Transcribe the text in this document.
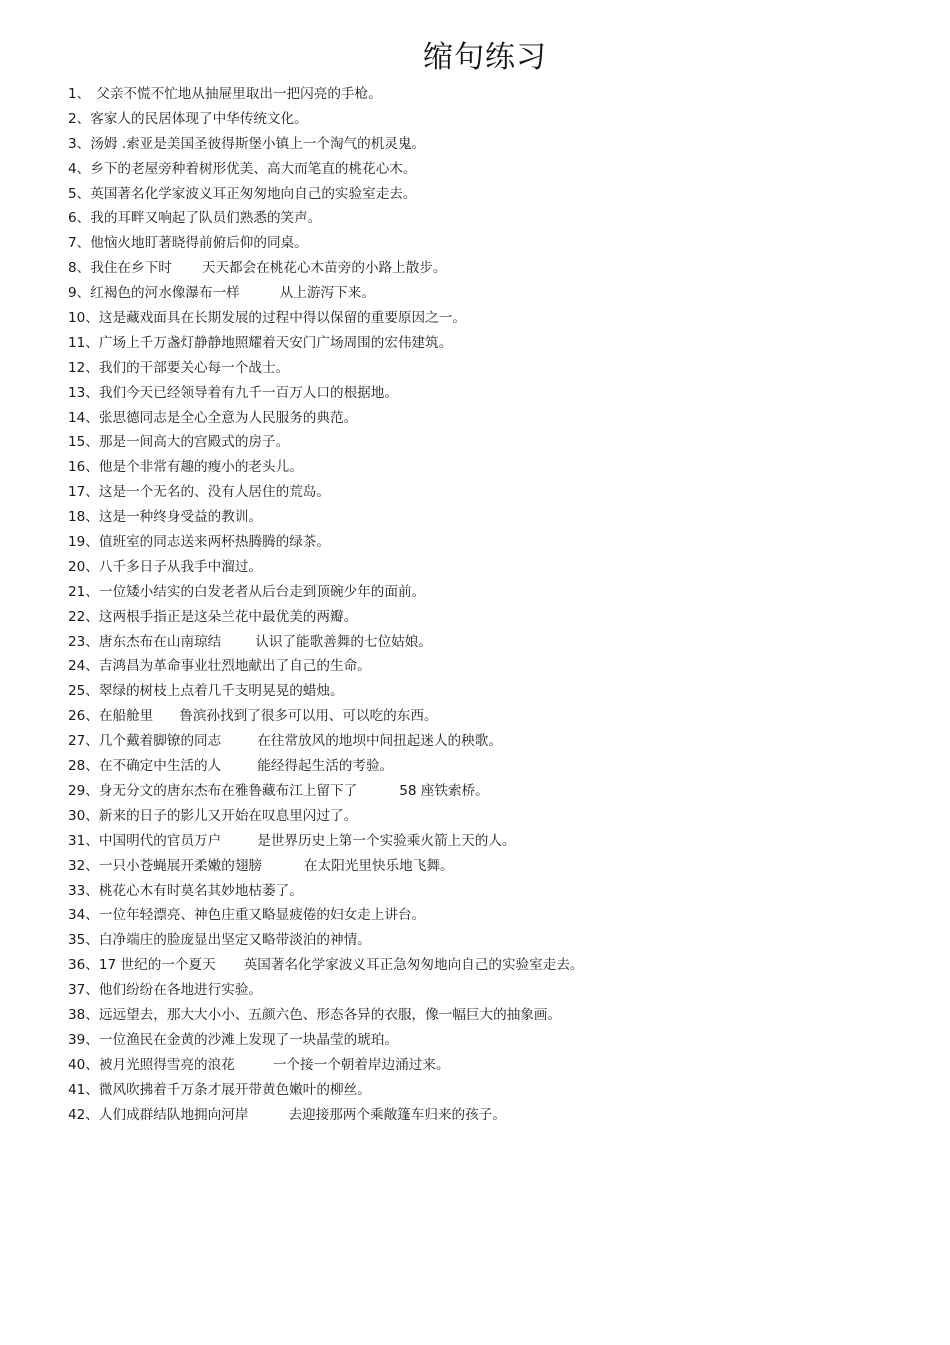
缩句练习
1、 父亲不慌不忙地从抽屉里取出一把闪亮的手枪。
2、客家人的民居体现了中华传统文化。
3、汤姆 .索亚是美国圣彼得斯堡小镇上一个淘气的机灵鬼。
4、乡下的老屋旁种着树形优美、高大而笔直的桃花心木。
5、英国著名化学家波义耳正匆匆地向自己的实验室走去。
6、我的耳畔又响起了队员们熟悉的笑声。
7、他恼火地盯著晓得前俯后仰的同桌。
8、我住在乡下时 天天都会在桃花心木苗旁的小路上散步。
9、红褐色的河水像瀑布一样	从上游泻下来。
10、这是藏戏面具在长期发展的过程中得以保留的重要原因之一。
11、广场上千万盏灯静静地照耀着天安门广场周围的宏伟建筑。
12、我们的干部要关心每一个战士。
13、我们今天已经领导着有九千一百万人口的根据地。
14、张思德同志是全心全意为人民服务的典范。
15、那是一间高大的宫殿式的房子。
16、他是个非常有趣的瘦小的老头儿。
17、这是一个无名的、没有人居住的荒岛。
18、这是一种终身受益的教训。
19、值班室的同志送来两杯热腾腾的绿茶。
20、八千多日子从我手中溜过。
21、一位矮小结实的白发老者从后台走到顶碗少年的面前。
22、这两根手指正是这朵兰花中最优美的两瓣。
23、唐东杰布在山南琼结	认识了能歌善舞的七位姑娘。
24、吉鸿昌为革命事业壮烈地献出了自己的生命。
25、翠绿的树枝上点着几千支明晃晃的蜡烛。
26、在船舱里 鲁滨孙找到了很多可以用、可以吃的东西。
27、几个戴着脚镣的同志	在往常放风的地坝中间扭起迷人的秧歌。
28、在不确定中生活的人	能经得起生活的考验。
29、身无分文的唐东杰布在雅鲁藏布江上留下了	58 座铁索桥。
30、新来的日子的影儿又开始在叹息里闪过了。
31、中国明代的官员万户	是世界历史上第一个实验乘火箭上天的人。
32、一只小苍蝇展开柔嫩的翅膀	在太阳光里快乐地飞舞。
33、桃花心木有时莫名其妙地枯萎了。
34、一位年轻漂亮、神色庄重又略显疲倦的妇女走上讲台。
35、白净端庄的脸庞显出坚定又略带淡泊的神情。
36、17 世纪的一个夏天 英国著名化学家波义耳正急匆匆地向自己的实验室走去。
37、他们纷纷在各地进行实验。
38、远远望去，那大大小小、五颜六色、形态各异的衣服，像一幅巨大的抽象画。
39、一位渔民在金黄的沙滩上发现了一块晶莹的琥珀。
40、被月光照得雪亮的浪花	一个接一个朝着岸边涌过来。
41、微风吹拂着千万条才展开带黄色嫩叶的柳丝。
42、人们成群结队地拥向河岸	去迎接那两个乘敞篷车归来的孩子。
